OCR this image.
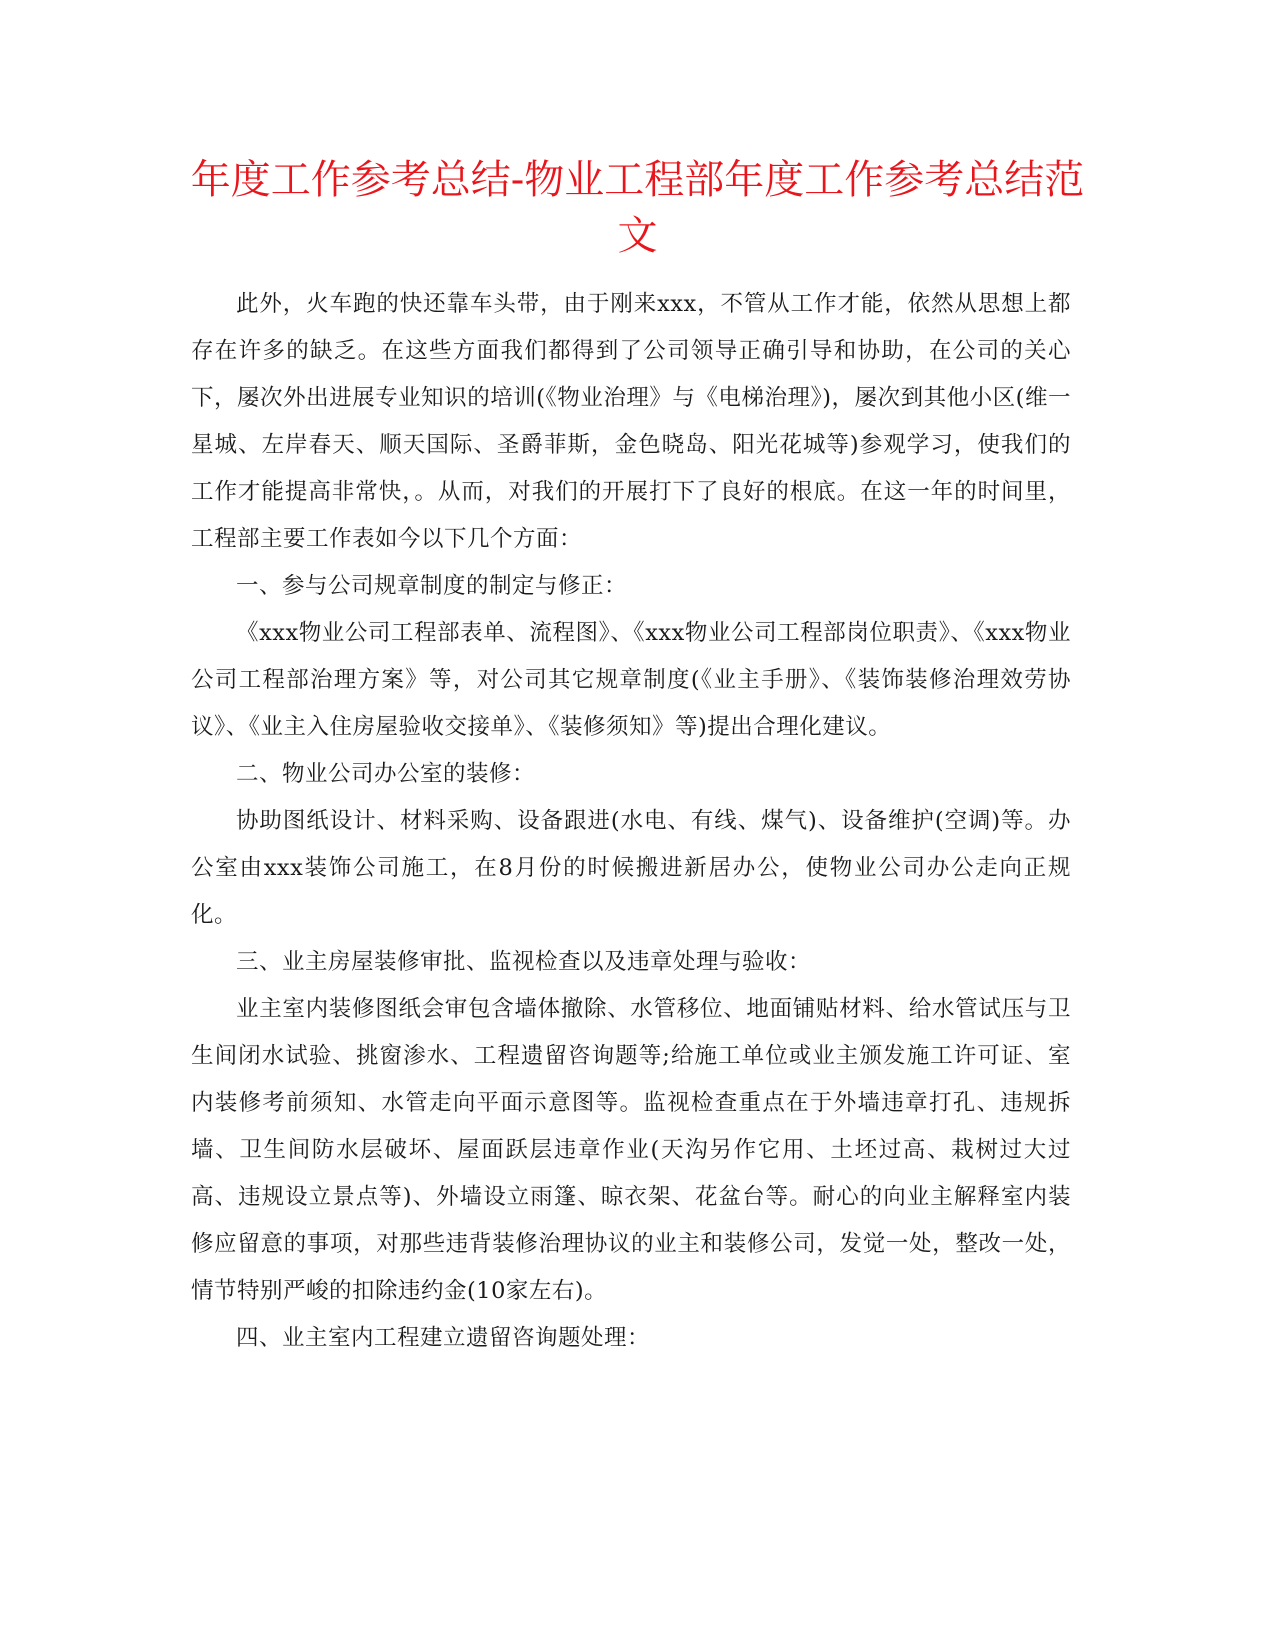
年度工作参考总结-物业工程部年度工作参考总结范文

此外，火车跑的快还靠车头带，由于刚来xxx，不管从工作才能，依然从思想上都存在许多的缺乏。在这些方面我们都得到了公司领导正确引导和协助，在公司的关心下，屡次外出进展专业知识的培训(《物业治理》与《电梯治理》)，屡次到其他小区(维一星城、左岸春天、顺天国际、圣爵菲斯，金色晓岛、阳光花城等)参观学习，使我们的工作才能提高非常快，。从而，对我们的开展打下了良好的根底。在这一年的时间里，工程部主要工作表如今以下几个方面：

一、参与公司规章制度的制定与修正：

《xxx物业公司工程部表单、流程图》、《xxx物业公司工程部岗位职责》、《xxx物业公司工程部治理方案》等，对公司其它规章制度(《业主手册》、《装饰装修治理效劳协议》、《业主入住房屋验收交接单》、《装修须知》等)提出合理化建议。

二、物业公司办公室的装修：

协助图纸设计、材料采购、设备跟进(水电、有线、煤气)、设备维护(空调)等。办公室由xxx装饰公司施工，在8月份的时候搬进新居办公，使物业公司办公走向正规化。

三、业主房屋装修审批、监视检查以及违章处理与验收：

业主室内装修图纸会审包含墙体撤除、水管移位、地面铺贴材料、给水管试压与卫生间闭水试验、挑窗渗水、工程遗留咨询题等;给施工单位或业主颁发施工许可证、室内装修考前须知、水管走向平面示意图等。监视检查重点在于外墙违章打孔、违规拆墙、卫生间防水层破坏、屋面跃层违章作业(天沟另作它用、土坯过高、栽树过大过高、违规设立景点等)、外墙设立雨篷、晾衣架、花盆台等。耐心的向业主解释室内装修应留意的事项，对那些违背装修治理协议的业主和装修公司，发觉一处，整改一处，情节特别严峻的扣除违约金(10家左右)。

四、业主室内工程建立遗留咨询题处理：
